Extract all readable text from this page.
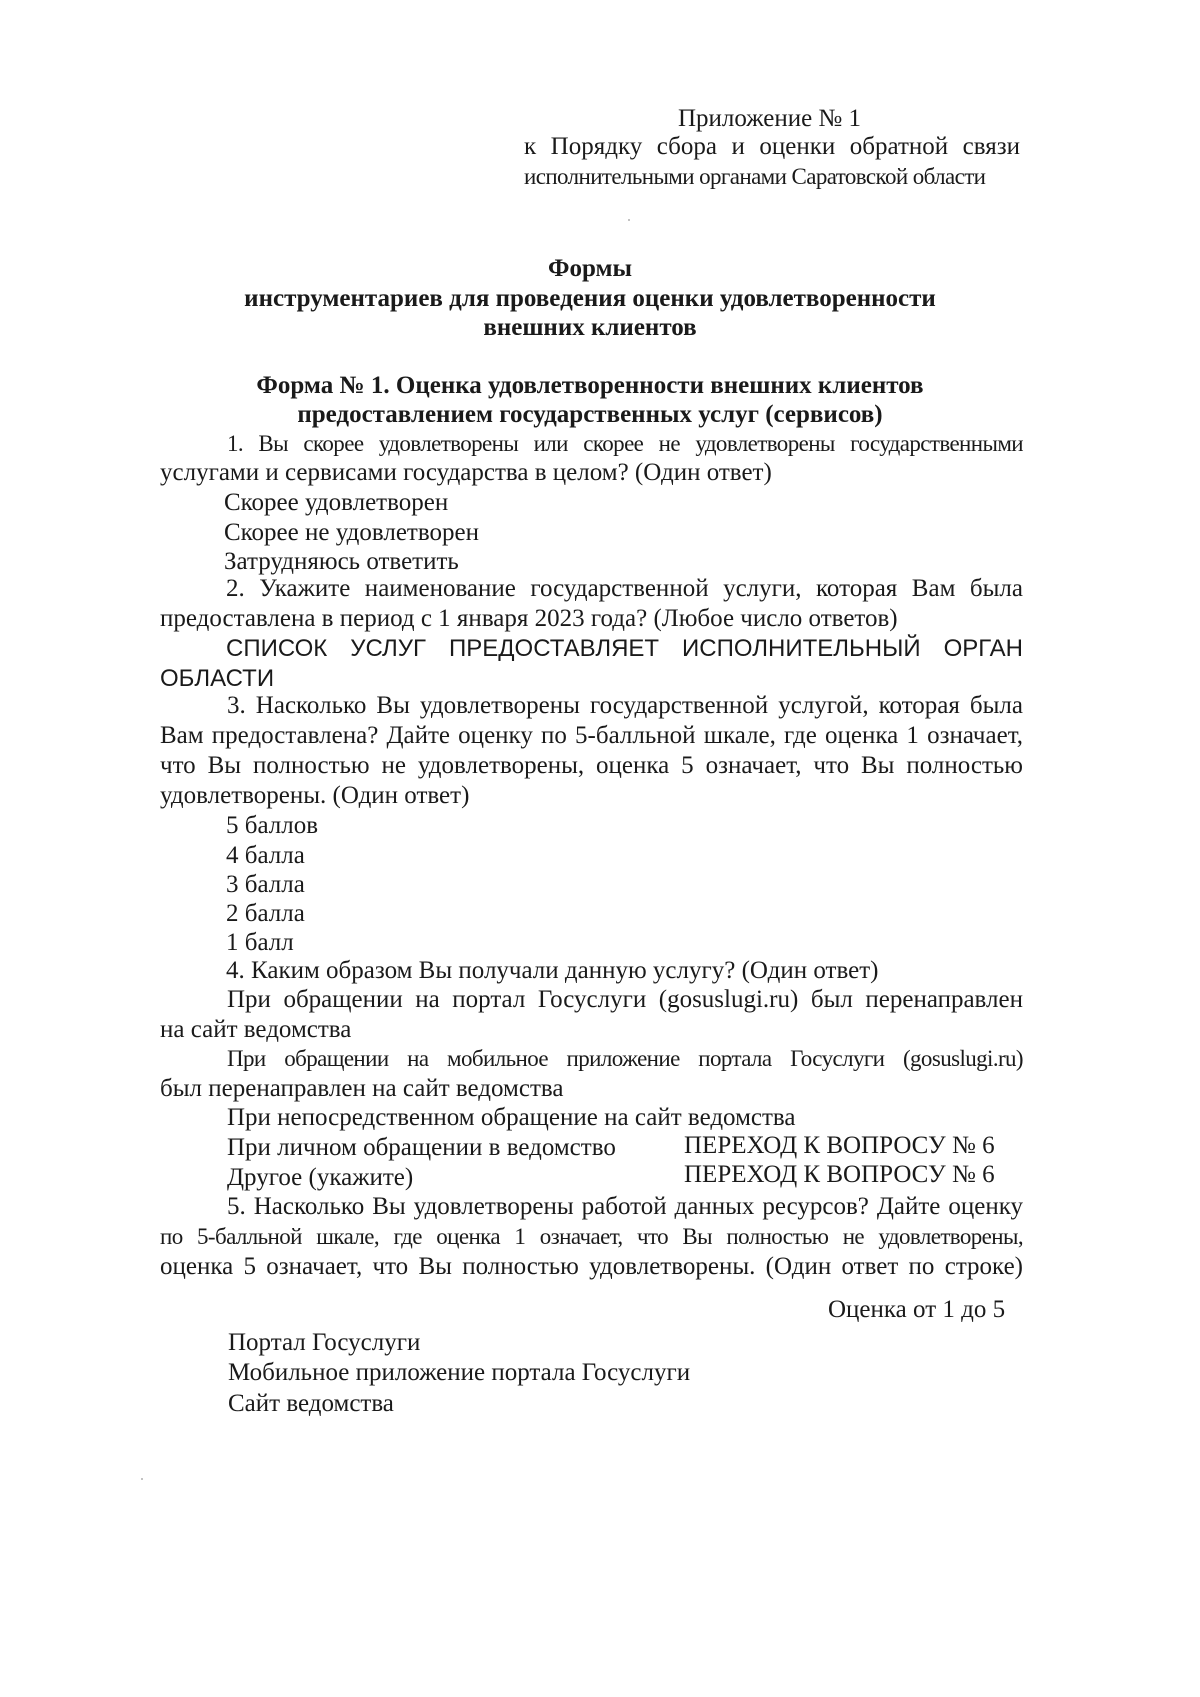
Приложение № 1
к Порядку сбора и оценки обратной связи
исполнительными органами Саратовской области
Формы
инструментариев для проведения оценки удовлетворенности
внешних клиентов
Форма № 1. Оценка удовлетворенности внешних клиентов
предоставлением государственных услуг (сервисов)
1. Вы скорее удовлетворены или скорее не удовлетворены государственными
услугами и сервисами государства в целом? (Один ответ)
Скорее удовлетворен
Скорее не удовлетворен
Затрудняюсь ответить
2. Укажите наименование государственной услуги, которая Вам была
предоставлена в период с 1 января 2023 года? (Любое число ответов)
СПИСОК УСЛУГ ПРЕДОСТАВЛЯЕТ ИСПОЛНИТЕЛЬНЫЙ ОРГАН
ОБЛАСТИ
3. Насколько Вы удовлетворены государственной услугой, которая была
Вам предоставлена? Дайте оценку по 5-балльной шкале, где оценка 1 означает,
что Вы полностью не удовлетворены, оценка 5 означает, что Вы полностью
удовлетворены. (Один ответ)
5 баллов
4 балла
3 балла
2 балла
1 балл
4. Каким образом Вы получали данную услугу? (Один ответ)
При обращении на портал Госуслуги (gosuslugi.ru) был перенаправлен
на сайт ведомства
При обращении на мобильное приложение портала Госуслуги (gosuslugi.ru)
был перенаправлен на сайт ведомства
При непосредственном обращение на сайт ведомства
При личном обращении в ведомство	ПЕРЕХОД К ВОПРОСУ № 6
Другое (укажите)	ПЕРЕХОД К ВОПРОСУ № 6
5. Насколько Вы удовлетворены работой данных ресурсов? Дайте оценку
по 5-балльной шкале, где оценка 1 означает, что Вы полностью не удовлетворены,
оценка 5 означает, что Вы полностью удовлетворены. (Один ответ по строке)
Оценка от 1 до 5
Портал Госуслуги
Мобильное приложение портала Госуслуги
Сайт ведомства
